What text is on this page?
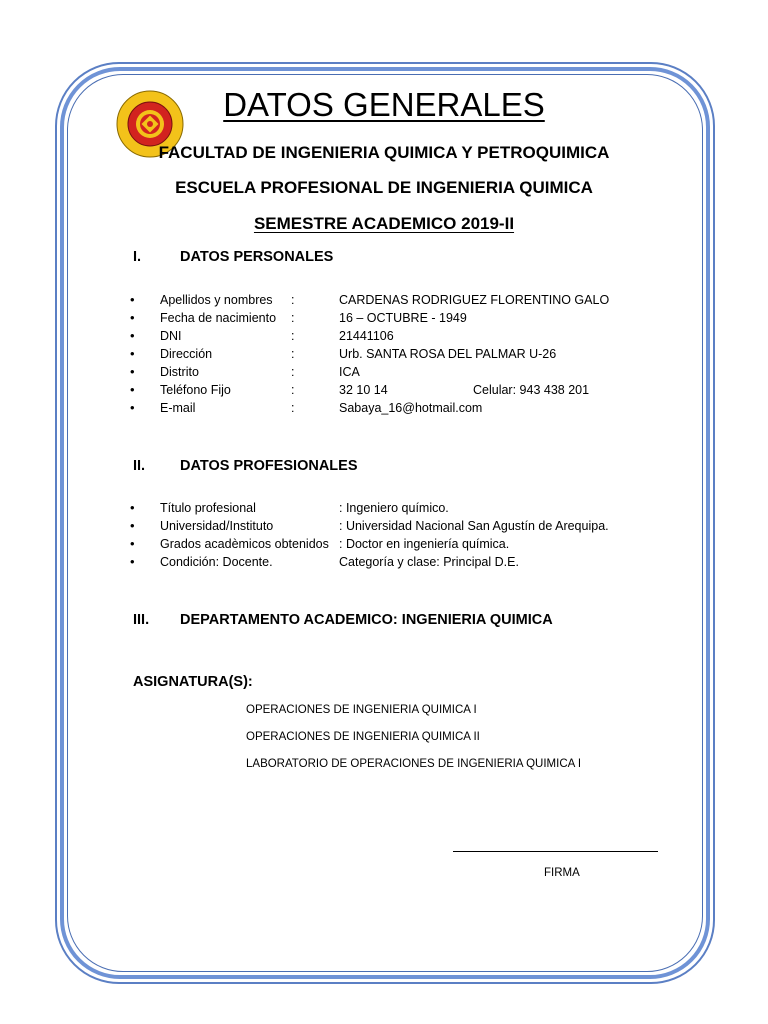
DATOS GENERALES
FACULTAD DE INGENIERIA QUIMICA Y PETROQUIMICA
ESCUELA PROFESIONAL DE INGENIERIA QUIMICA
SEMESTRE ACADEMICO 2019-II
I.	DATOS PERSONALES
• Apellidos y nombres :	CARDENAS RODRIGUEZ FLORENTINO GALO
• Fecha de nacimiento :	16 – OCTUBRE - 1949
• DNI	:	21441106
• Dirección	:	Urb. SANTA ROSA DEL PALMAR U-26
• Distrito	:	ICA
• Teléfono Fijo	:	32 10 14	Celular: 943 438 201
• E-mail	:	Sabaya_16@hotmail.com
II. DATOS PROFESIONALES
• Título profesional	: Ingeniero químico.
• Universidad/Instituto	: Universidad Nacional San Agustín de Arequipa.
• Grados acadèmicos obtenidos : Doctor en ingeniería química.
• Condición: Docente.	Categoría y clase: Principal D.E.
III. DEPARTAMENTO ACADEMICO: INGENIERIA QUIMICA
ASIGNATURA(S):
OPERACIONES DE INGENIERIA QUIMICA I
OPERACIONES DE INGENIERIA QUIMICA II
LABORATORIO DE OPERACIONES DE INGENIERIA QUIMICA I
FIRMA
